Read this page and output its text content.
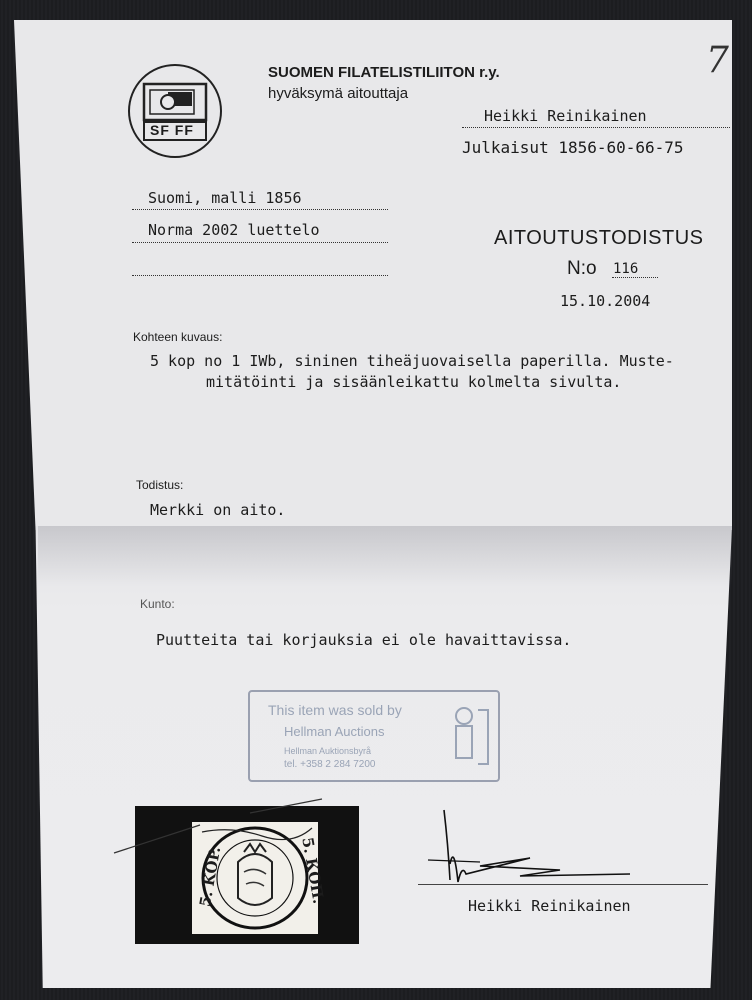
7
SF FF
SUOMEN FILATELISTILIITON r.y.
hyväksymä aitouttaja
Heikki Reinikainen
Julkaisut 1856-60-66-75
Suomi, malli 1856
Norma 2002 luettelo	AITOUTUSTODISTUS
N:o 116
15.10.2004
Kohteen kuvaus:
5 kop no 1 IWb, sininen tiheäjuovaisella paperilla. Muste-
mitätöinti ja sisäänleikattu kolmelta sivulta.
Todistus:
Merkki on aito.
Kunto:
Puutteita tai korjauksia ei ole havaittavissa.
This item was sold by
Hellman Auctions
Hellman Auktionsbyrå
tel. +358 2 284 7200
5. KOP.	5. КОП.
Heikki Reinikainen
